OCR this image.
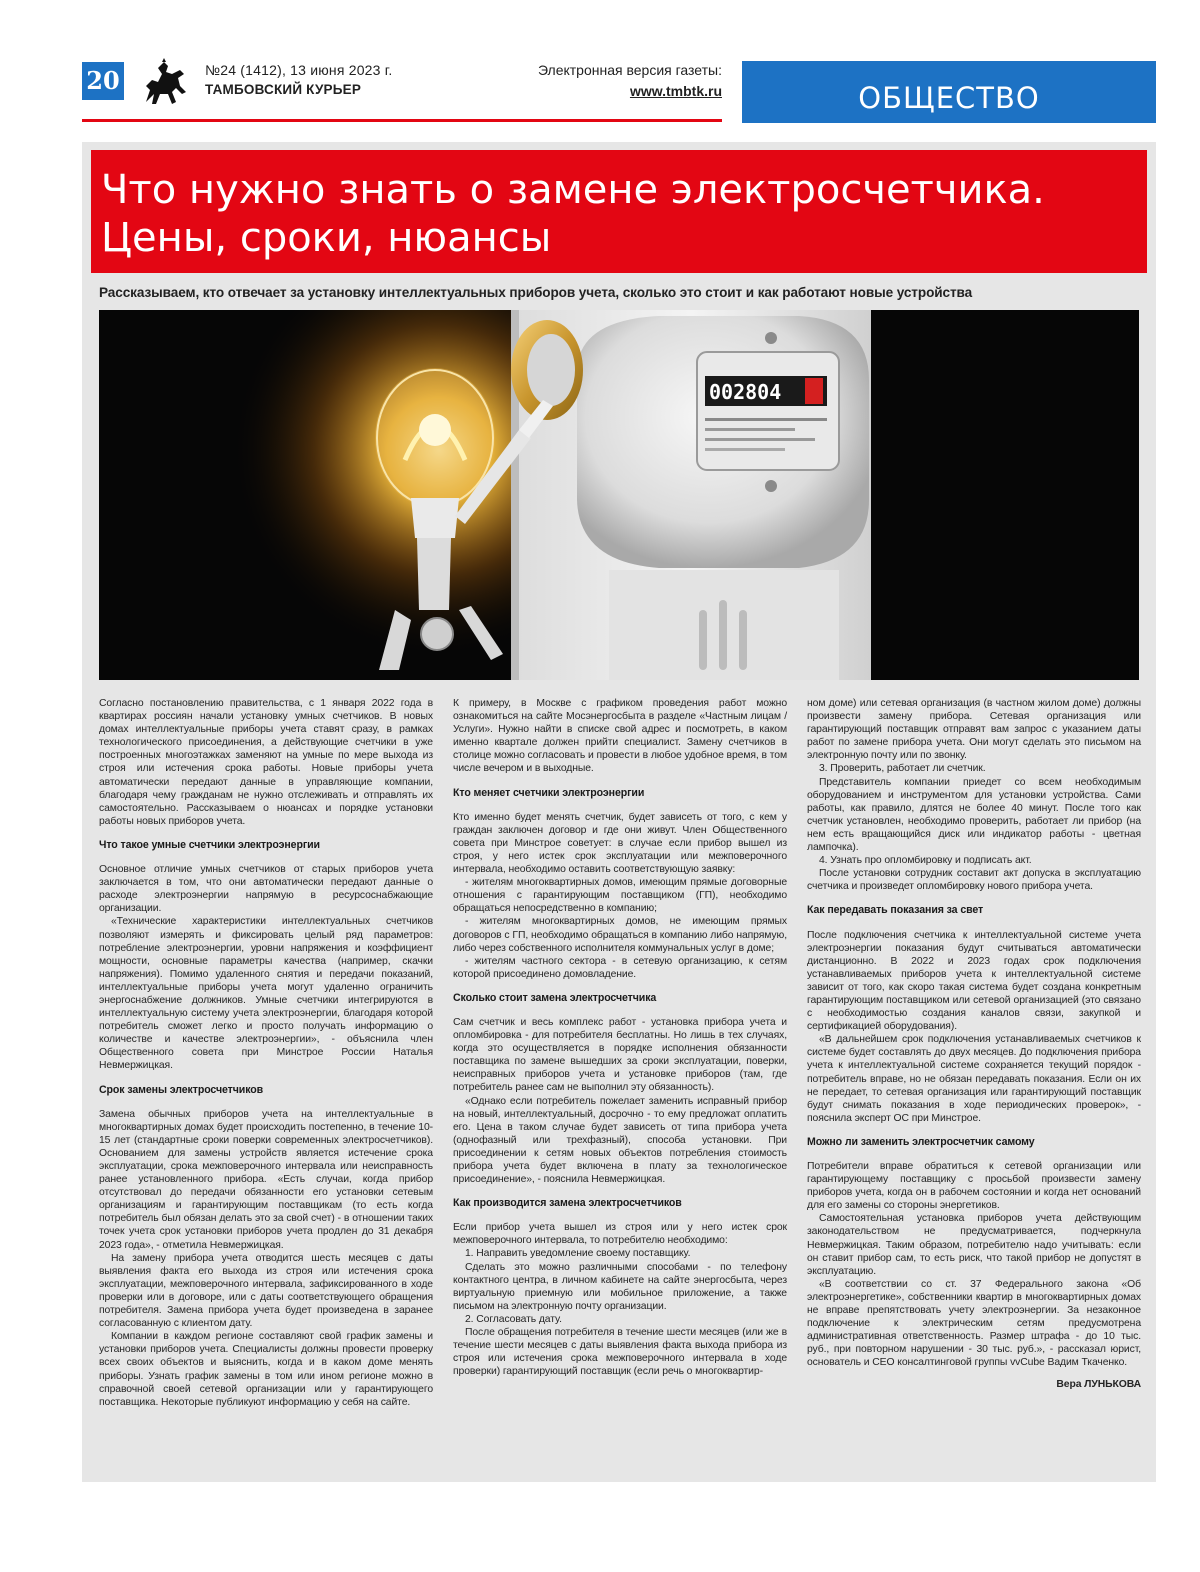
20	№24 (1412), 13 июня 2023 г.
ТАМБОВСКИЙ КУРЬЕР
Электронная версия газеты:
www.tmbtk.ru	ОБЩЕСТВО
Что нужно знать о замене электросчетчика.
Цены, сроки, нюансы
Рассказываем, кто отвечает за установку интеллектуальных приборов учета, сколько это стоит и как работают новые устройства
002804

Согласно постановлению правительства, с 1 января 2022 года в квартирах россиян начали установку умных счетчиков. В новых домах интеллектуальные приборы учета ставят сразу, в рамках технологического присоединения, а действующие счетчики в уже построенных многоэтажках заменяют на умные по мере выхода из строя или истечения срока работы. Новые приборы учета автоматически передают данные в управляющие компании, благодаря чему гражданам не нужно отслеживать и отправлять их самостоятельно. Рассказываем о нюансах и порядке установки работы новых приборов учета.

Что такое умные счетчики электроэнергии

Основное отличие умных счетчиков от старых приборов учета заключается в том, что они автоматически передают данные о расходе электроэнергии напрямую в ресурсоснабжающие организации.

«Технические характеристики интеллектуальных счетчиков позволяют измерять и фиксировать целый ряд параметров: потребление электроэнергии, уровни напряжения и коэффициент мощности, основные параметры качества (например, скачки напряжения). Помимо удаленного снятия и передачи показаний, интеллектуальные приборы учета могут удаленно ограничить энергоснабжение должников. Умные счетчики интегрируются в интеллектуальную систему учета электроэнергии, благодаря которой потребитель сможет легко и просто получать информацию о количестве и качестве электроэнергии», - объяснила член Общественного совета при Минстрое России Наталья Невмержицкая.

Срок замены электросчетчиков

Замена обычных приборов учета на интеллектуальные в многоквартирных домах будет происходить постепенно, в течение 10-15 лет (стандартные сроки поверки современных электросчетчиков). Основанием для замены устройств является истечение срока эксплуатации, срока межповерочного интервала или неисправность ранее установленного прибора. «Есть случаи, когда прибор отсутствовал до передачи обязанности его установки сетевым организациям и гарантирующим поставщикам (то есть когда потребитель был обязан делать это за свой счет) - в отношении таких точек учета срок установки приборов учета продлен до 31 декабря 2023 года», - отметила Невмержицкая.

На замену прибора учета отводится шесть месяцев с даты выявления факта его выхода из строя или истечения срока эксплуатации, межповерочного интервала, зафиксированного в ходе проверки или в договоре, или с даты соответствующего обращения потребителя. Замена прибора учета будет произведена в заранее согласованную с клиентом дату.

Компании в каждом регионе составляют свой график замены и установки приборов учета. Специалисты должны провести проверку всех своих объектов и выяснить, когда и в каком доме менять приборы. Узнать график замены в том или ином регионе можно в справочной своей сетевой организации или у гарантирующего поставщика. Некоторые публикуют информацию у себя на сайте.

К примеру, в Москве с графиком проведения работ можно ознакомиться на сайте Мосэнергосбыта в разделе «Частным лицам / Услуги». Нужно найти в списке свой адрес и посмотреть, в каком именно квартале должен прийти специалист. Замену счетчиков в столице можно согласовать и провести в любое удобное время, в том числе вечером и в выходные.

Кто меняет счетчики электроэнергии

Кто именно будет менять счетчик, будет зависеть от того, с кем у граждан заключен договор и где они живут. Член Общественного совета при Минстрое советует: в случае если прибор вышел из строя, у него истек срок эксплуатации или межповерочного интервала, необходимо оставить соответствующую заявку:

- жителям многоквартирных домов, имеющим прямые договорные отношения с гарантирующим поставщиком (ГП), необходимо обращаться непосредственно в компанию;

- жителям многоквартирных домов, не имеющим прямых договоров с ГП, необходимо обращаться в компанию либо напрямую, либо через собственного исполнителя коммунальных услуг в доме;

- жителям частного сектора - в сетевую организацию, к сетям которой присоединено домовладение.

Сколько стоит замена электросчетчика

Сам счетчик и весь комплекс работ - установка прибора учета и опломбировка - для потребителя бесплатны. Но лишь в тех случаях, когда это осуществляется в порядке исполнения обязанности поставщика по замене вышедших за сроки эксплуатации, поверки, неисправных приборов учета и установке приборов (там, где потребитель ранее сам не выполнил эту обязанность).

«Однако если потребитель пожелает заменить исправный прибор на новый, интеллектуальный, досрочно - то ему предложат оплатить его. Цена в таком случае будет зависеть от типа прибора учета (однофазный или трехфазный), способа установки. При присоединении к сетям новых объектов потребления стоимость прибора учета будет включена в плату за технологическое присоединение», - пояснила Невмержицкая.

Как производится замена электросчетчиков

Если прибор учета вышел из строя или у него истек срок межповерочного интервала, то потребителю необходимо:

1. Направить уведомление своему поставщику.

Сделать это можно различными способами - по телефону контактного центра, в личном кабинете на сайте энергосбыта, через виртуальную приемную или мобильное приложение, а также письмом на электронную почту организации.

2. Согласовать дату.

После обращения потребителя в течение шести месяцев (или же в течение шести месяцев с даты выявления факта выхода прибора из строя или истечения срока межповерочного интервала в ходе проверки) гарантирующий поставщик (если речь о многоквартир-

ном доме) или сетевая организация (в частном жилом доме) должны произвести замену прибора. Сетевая организация или гарантирующий поставщик отправят вам запрос с указанием даты работ по замене прибора учета. Они могут сделать это письмом на электронную почту или по звонку.

3. Проверить, работает ли счетчик.

Представитель компании приедет со всем необходимым оборудованием и инструментом для установки устройства. Сами работы, как правило, длятся не более 40 минут. После того как счетчик установлен, необходимо проверить, работает ли прибор (на нем есть вращающийся диск или индикатор работы - цветная лампочка).

4. Узнать про опломбировку и подписать акт.

После установки сотрудник составит акт допуска в эксплуатацию счетчика и произведет опломбировку нового прибора учета.

Как передавать показания за свет

После подключения счетчика к интеллектуальной системе учета электроэнергии показания будут считываться автоматически дистанционно. В 2022 и 2023 годах срок подключения устанавливаемых приборов учета к интеллектуальной системе зависит от того, как скоро такая система будет создана конкретным гарантирующим поставщиком или сетевой организацией (это связано с необходимостью создания каналов связи, закупкой и сертификацией оборудования).

«В дальнейшем срок подключения устанавливаемых счетчиков к системе будет составлять до двух месяцев. До подключения прибора учета к интеллектуальной системе сохраняется текущий порядок - потребитель вправе, но не обязан передавать показания. Если он их не передает, то сетевая организация или гарантирующий поставщик будут снимать показания в ходе периодических проверок», - пояснила эксперт ОС при Минстрое.

Можно ли заменить электросчетчик самому

Потребители вправе обратиться к сетевой организации или гарантирующему поставщику с просьбой произвести замену приборов учета, когда он в рабочем состоянии и когда нет оснований для его замены со стороны энергетиков.

Самостоятельная установка приборов учета действующим законодательством не предусматривается, подчеркнула Невмержицкая. Таким образом, потребителю надо учитывать: если он ставит прибор сам, то есть риск, что такой прибор не допустят в эксплуатацию.

«В соответствии со ст. 37 Федерального закона «Об электроэнергетике», собственники квартир в многоквартирных домах не вправе препятствовать учету электроэнергии. За незаконное подключение к электрическим сетям предусмотрена административная ответственность. Размер штрафа - до 10 тыс. руб., при повторном нарушении - 30 тыс. руб.», - рассказал юрист, основатель и СЕО консалтинговой группы vvCube Вадим Ткаченко.

Вера ЛУНЬКОВА
